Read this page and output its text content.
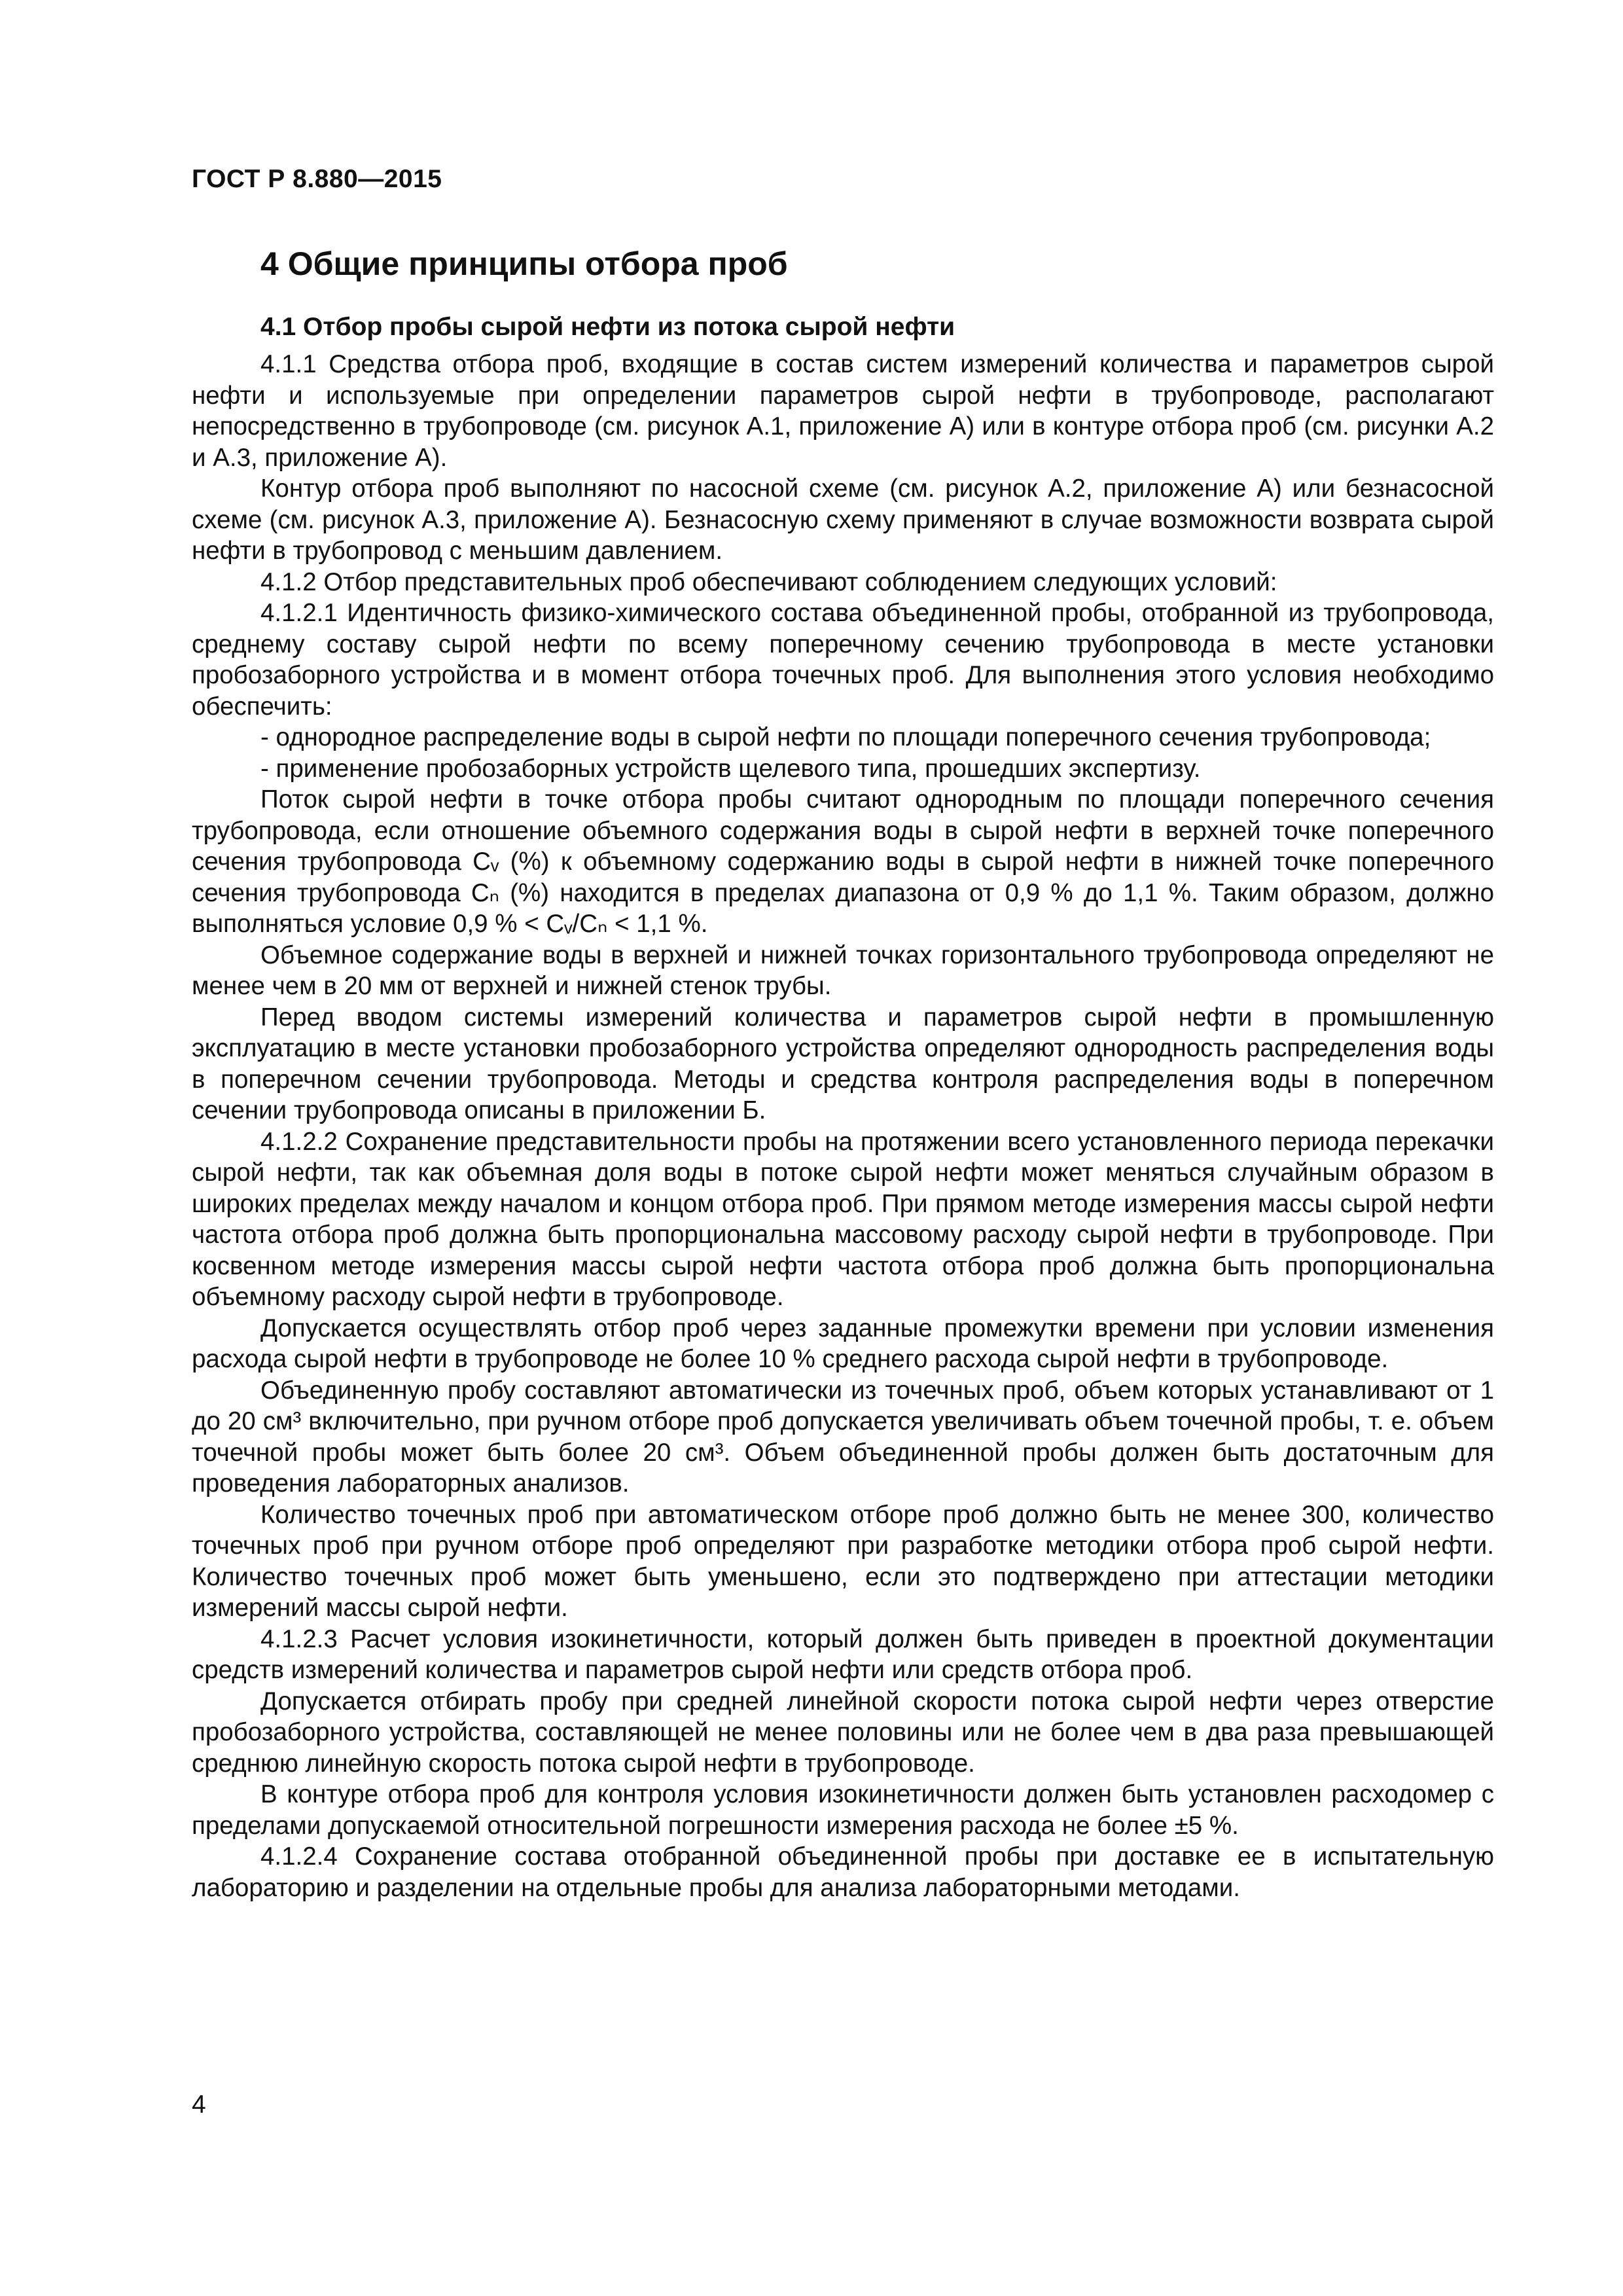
ГОСТ Р 8.880—2015
4 Общие принципы отбора проб
4.1 Отбор пробы сырой нефти из потока сырой нефти

4.1.1 Средства отбора проб, входящие в состав систем измерений количества и параметров сырой нефти и используемые при определении параметров сырой нефти в трубопроводе, располагают непосредственно в трубопроводе (см. рисунок А.1, приложение А) или в контуре отбора проб (см. рисунки А.2 и А.3, приложение А).

Контур отбора проб выполняют по насосной схеме (см. рисунок А.2, приложение А) или безнасосной схеме (см. рисунок А.3, приложение А). Безнасосную схему применяют в случае возможности возврата сырой нефти в трубопровод с меньшим давлением.

4.1.2 Отбор представительных проб обеспечивают соблюдением следующих условий:

4.1.2.1 Идентичность физико-химического состава объединенной пробы, отобранной из трубопровода, среднему составу сырой нефти по всему поперечному сечению трубопровода в месте установки пробозаборного устройства и в момент отбора точечных проб. Для выполнения этого условия необходимо обеспечить:

- однородное распределение воды в сырой нефти по площади поперечного сечения трубопровода;

- применение пробозаборных устройств щелевого типа, прошедших экспертизу.

Поток сырой нефти в точке отбора пробы считают однородным по площади поперечного сечения трубопровода, если отношение объемного содержания воды в сырой нефти в верхней точке поперечного сечения трубопровода Сᵥ (%) к объемному содержанию воды в сырой нефти в нижней точке поперечного сечения трубопровода Сₙ (%) находится в пределах диапазона от 0,9 % до 1,1 %. Таким образом, должно выполняться условие 0,9 % < Сᵥ/Сₙ < 1,1 %.

Объемное содержание воды в верхней и нижней точках горизонтального трубопровода определяют не менее чем в 20 мм от верхней и нижней стенок трубы.

Перед вводом системы измерений количества и параметров сырой нефти в промышленную эксплуатацию в месте установки пробозаборного устройства определяют однородность распределения воды в поперечном сечении трубопровода. Методы и средства контроля распределения воды в поперечном сечении трубопровода описаны в приложении Б.

4.1.2.2 Сохранение представительности пробы на протяжении всего установленного периода перекачки сырой нефти, так как объемная доля воды в потоке сырой нефти может меняться случайным образом в широких пределах между началом и концом отбора проб. При прямом методе измерения массы сырой нефти частота отбора проб должна быть пропорциональна массовому расходу сырой нефти в трубопроводе. При косвенном методе измерения массы сырой нефти частота отбора проб должна быть пропорциональна объемному расходу сырой нефти в трубопроводе.

Допускается осуществлять отбор проб через заданные промежутки времени при условии изменения расхода сырой нефти в трубопроводе не более 10 % среднего расхода сырой нефти в трубопроводе.

Объединенную пробу составляют автоматически из точечных проб, объем которых устанавливают от 1 до 20 см³ включительно, при ручном отборе проб допускается увеличивать объем точечной пробы, т. е. объем точечной пробы может быть более 20 см³. Объем объединенной пробы должен быть достаточным для проведения лабораторных анализов.

Количество точечных проб при автоматическом отборе проб должно быть не менее 300, количество точечных проб при ручном отборе проб определяют при разработке методики отбора проб сырой нефти. Количество точечных проб может быть уменьшено, если это подтверждено при аттестации методики измерений массы сырой нефти.

4.1.2.3 Расчет условия изокинетичности, который должен быть приведен в проектной документации средств измерений количества и параметров сырой нефти или средств отбора проб.

Допускается отбирать пробу при средней линейной скорости потока сырой нефти через отверстие пробозаборного устройства, составляющей не менее половины или не более чем в два раза превышающей среднюю линейную скорость потока сырой нефти в трубопроводе.

В контуре отбора проб для контроля условия изокинетичности должен быть установлен расходомер с пределами допускаемой относительной погрешности измерения расхода не более ±5 %.

4.1.2.4 Сохранение состава отобранной объединенной пробы при доставке ее в испытательную лабораторию и разделении на отдельные пробы для анализа лабораторными методами.

4
